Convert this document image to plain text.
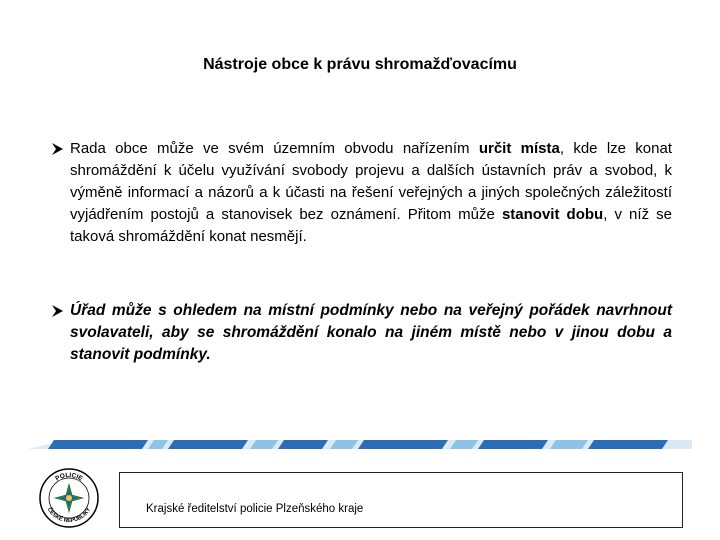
Nástroje obce k právu shromažďovacímu
Rada obce může ve svém územním obvodu nařízením určit místa, kde lze konat shromáždění k účelu využívání svobody projevu a dalších ústavních práv a svobod, k výměně informací a názorů a k účasti na řešení veřejných a jiných společných záležitostí vyjádřením postojů a stanovisek bez oznámení. Přitom může stanovit dobu, v níž se taková shromáždění konat nesmějí.
Úřad může s ohledem na místní podmínky nebo na veřejný pořádek navrhnout svolavateli, aby se shromáždění konalo na jiném místě nebo v jinou dobu a stanovit podmínky.
POLICIE
ČESKÉ REPUBLIKY	Krajské ředitelství policie Plzeňského kraje
